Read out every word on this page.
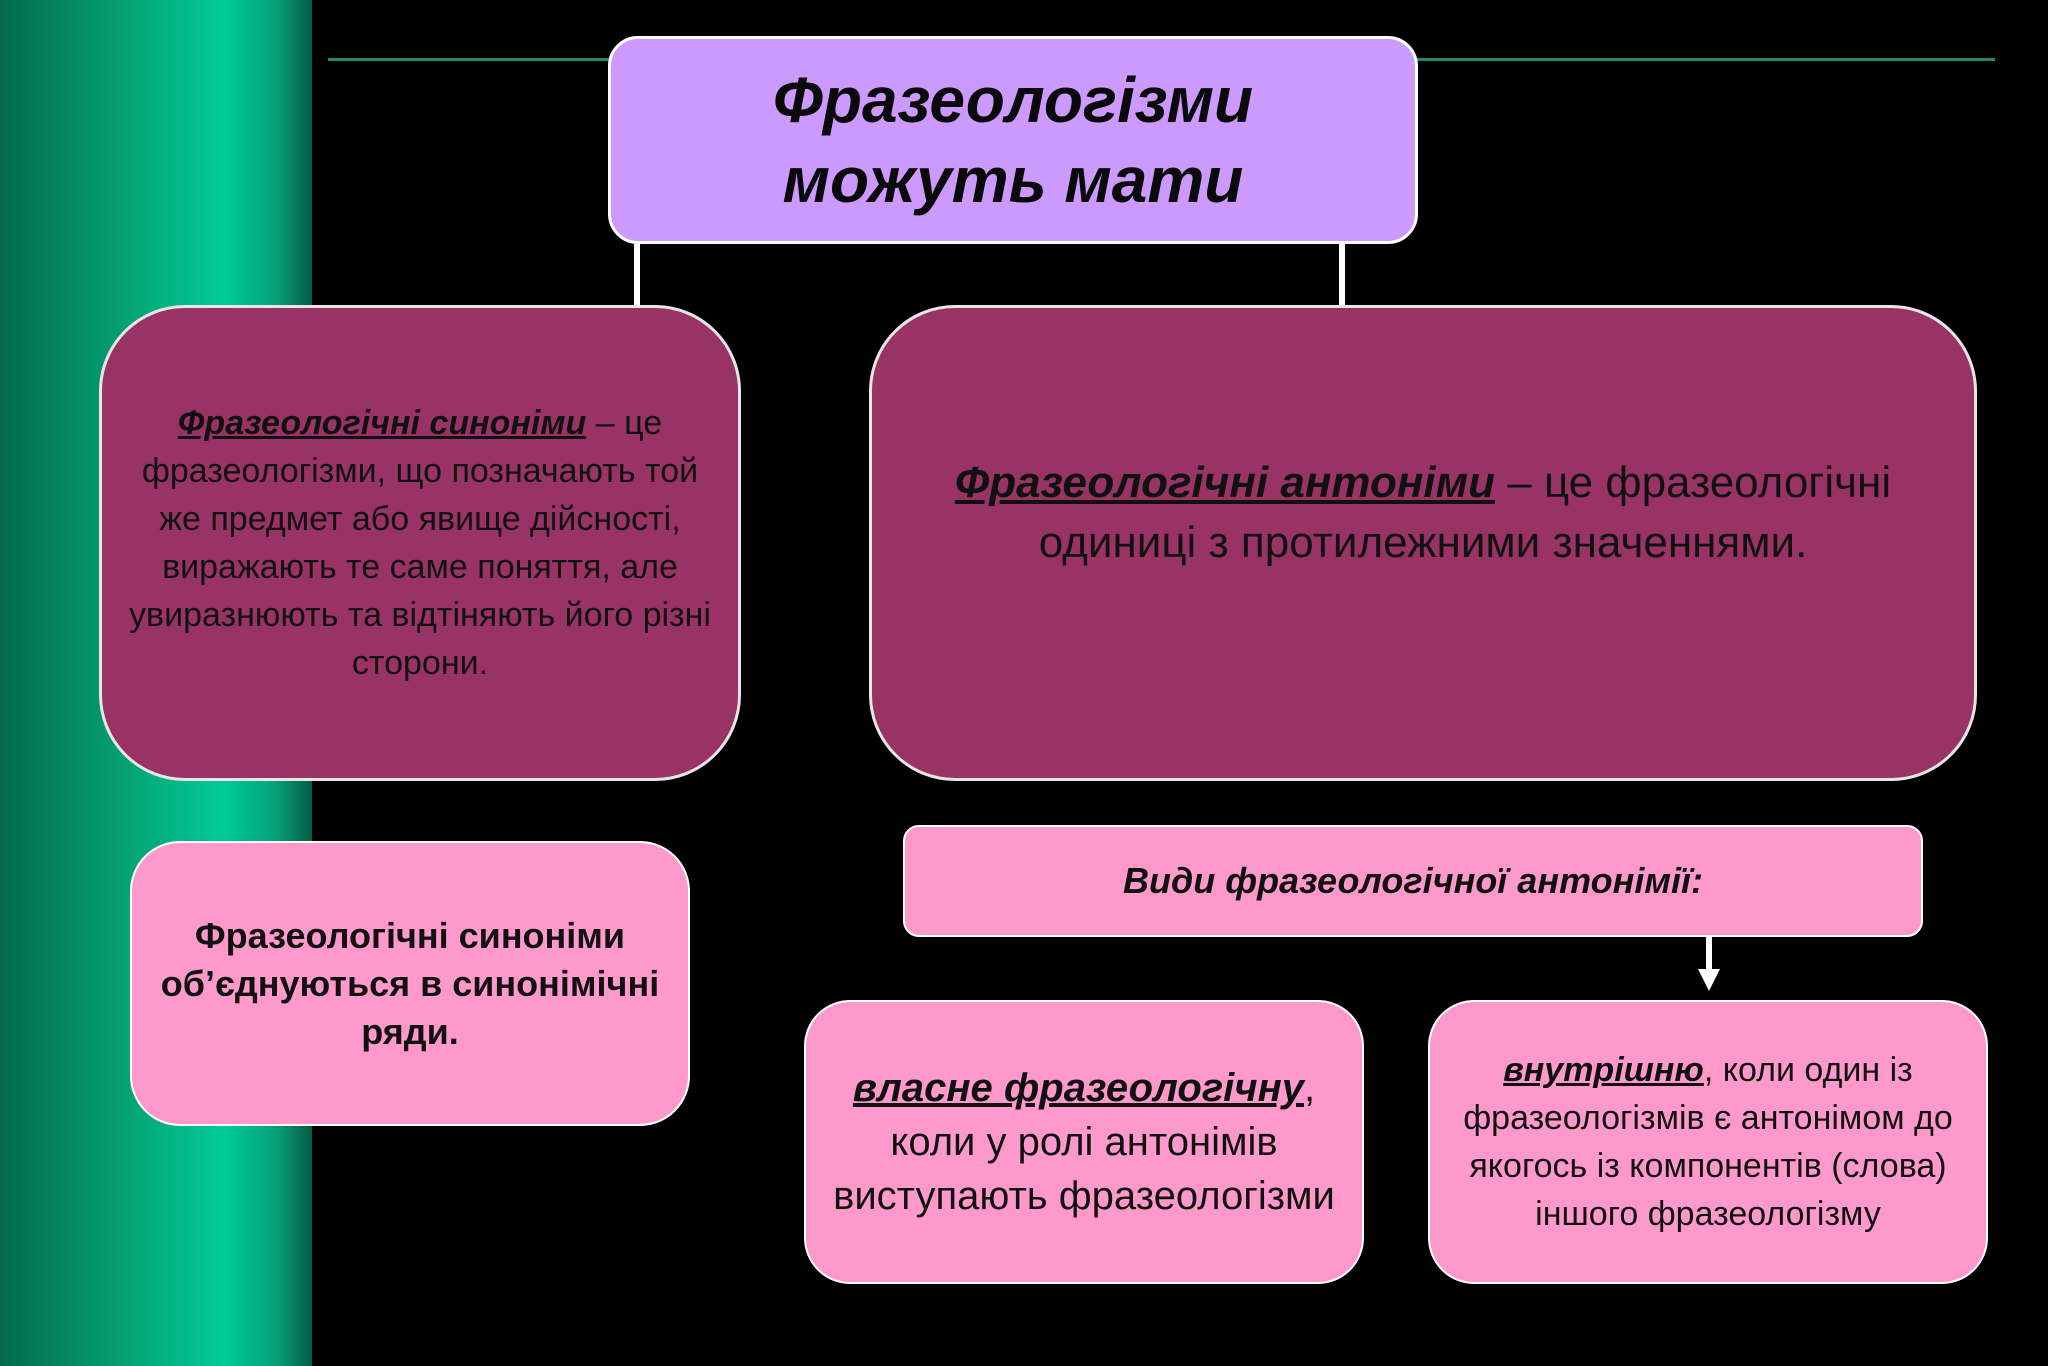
Фразеологізми
можуть мати
Фразеологічні синоніми – це фразеологізми, що позначають той же предмет або явище дійсності, виражають те саме поняття, але увиразнюють та відтіняють його різні сторони.
Фразеологічні антоніми – це фразеологічні одиниці з протилежними значеннями.
Фразеологічні синоніми об’єднуються в синонімічні ряди.
Види фразеологічної антонімії:
власне фразеологічну, коли у ролі антонімів виступають фразеологізми
внутрішню, коли один із фразеологізмів є антонімом до якогось із компонентів (слова) іншого фразеологізму
